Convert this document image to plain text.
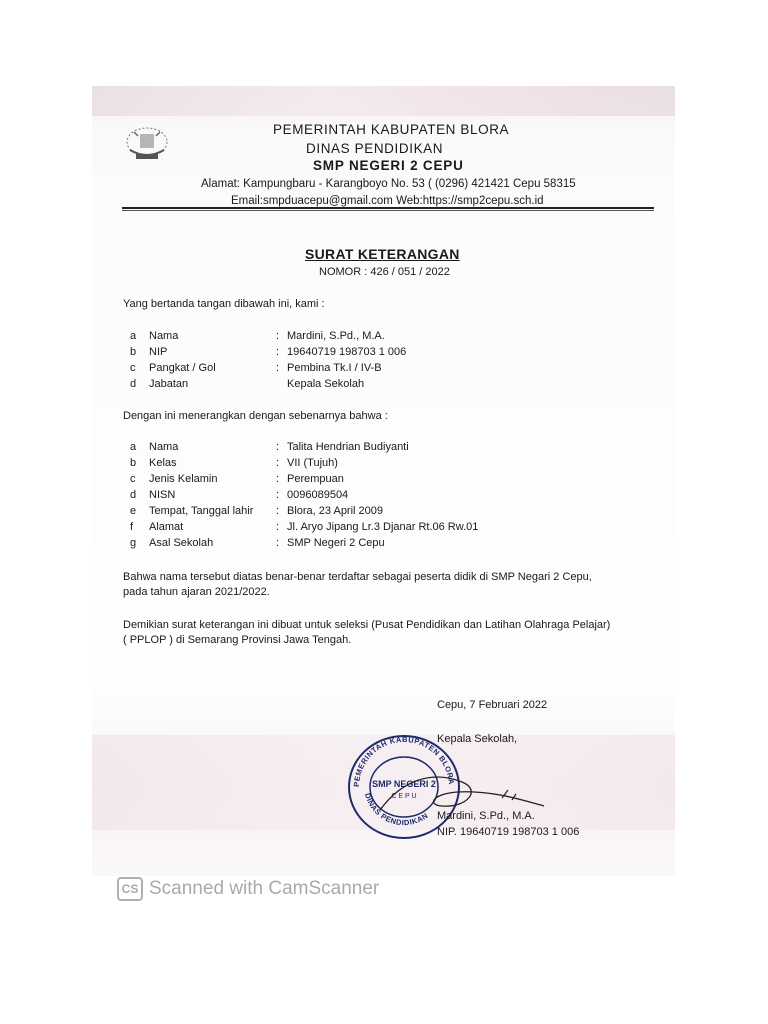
PEMERINTAH KABUPATEN BLORA
DINAS PENDIDIKAN
SMP NEGERI 2 CEPU
Alamat: Kampungbaru - Karangboyo No. 53 ( (0296) 421421 Cepu 58315
Email:smpduacepu@gmail.com Web:https://smp2cepu.sch.id
SURAT KETERANGAN
NOMOR : 426 / 051 / 2022
Yang bertanda tangan dibawah ini, kami :
a Nama	: Mardini, S.Pd., M.A.
b NIP	: 19640719 198703 1 006
c Pangkat / Gol	: Pembina Tk.I / IV-B
d Jabatan	Kepala Sekolah
Dengan ini menerangkan dengan sebenarnya bahwa :
a Nama	: Talita Hendrian Budiyanti
b Kelas	: VII (Tujuh)
c Jenis Kelamin	: Perempuan
d NISN	: 0096089504
e Tempat, Tanggal lahir : Blora, 23 April 2009
f Alamat	: Jl. Aryo Jipang Lr.3 Djanar Rt.06 Rw.01
g Asal Sekolah	: SMP Negeri 2 Cepu
Bahwa nama tersebut diatas benar-benar terdaftar sebagai peserta didik di SMP Negari 2 Cepu,
pada tahun ajaran 2021/2022.
Demikian surat keterangan ini dibuat untuk seleksi (Pusat Pendidikan dan Latihan Olahraga Pelajar)
( PPLOP ) di Semarang Provinsi Jawa Tengah.
Cepu, 7 Februari 2022
Kepala Sekolah,
PEMERINTAH KABUPATEN BLORA
DINAS PENDIDIKAN
SMP NEGERI 2
C E P U
Mardini, S.Pd., M.A.
NIP. 19640719 198703 1 006
CS Scanned with CamScanner
